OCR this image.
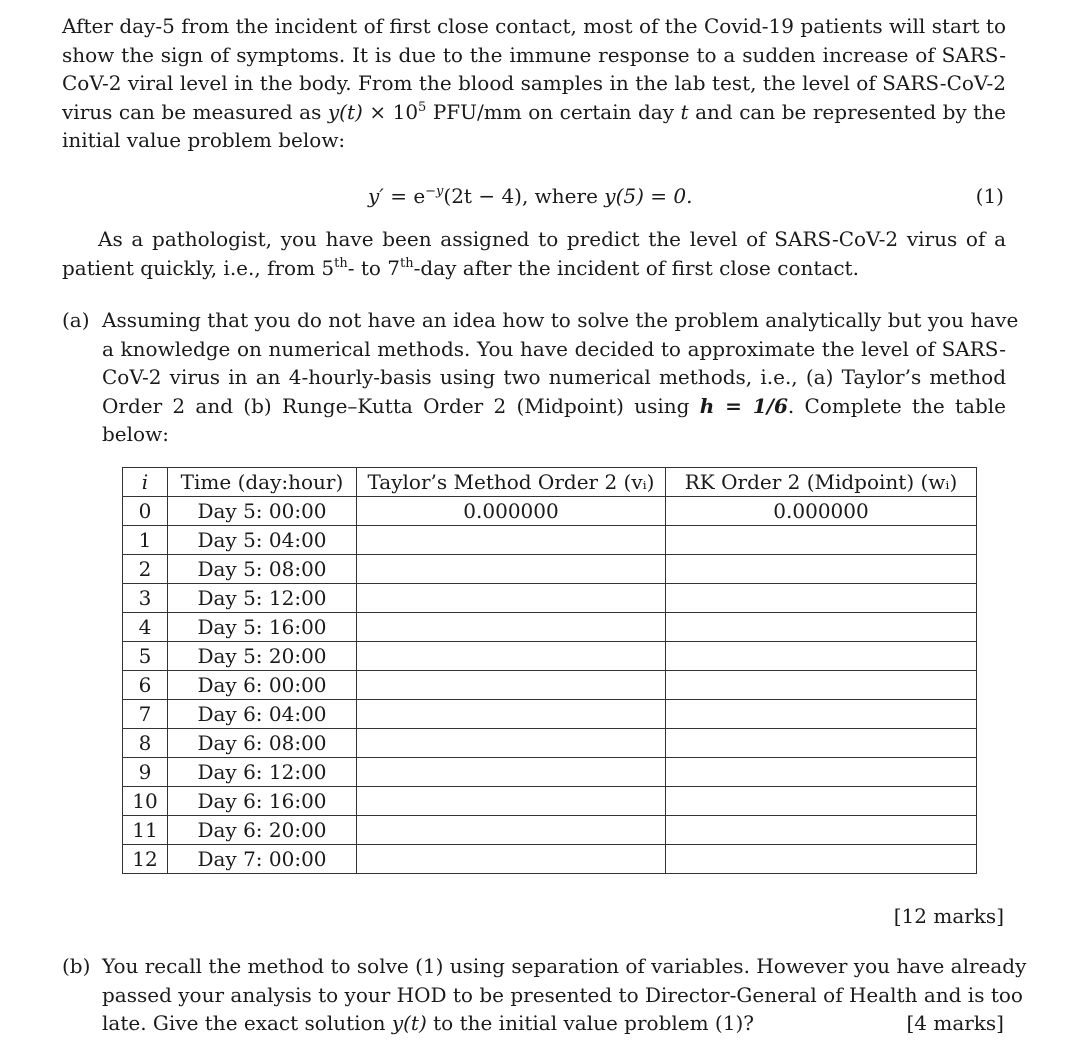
After day-5 from the incident of first close contact, most of the Covid-19 patients will start to
show the sign of symptoms. It is due to the immune response to a sudden increase of SARS-
CoV-2 viral level in the body. From the blood samples in the lab test, the level of SARS-CoV-2
virus can be measured as $y(t) \times 10^5$ PFU/mm on certain day t and can be represented by the
initial value problem below:
$y' = e^{-y}(2t - 4)$, where y(5) = 0.	(1)
As a pathologist, you have been assigned to predict the level of SARS-CoV-2 virus of a
patient quickly, i.e., from 5th- to 7th-day after the incident of first close contact.
(a) Assuming that you do not have an idea how to solve the problem analytically but you have
a knowledge on numerical methods. You have decided to approximate the level of SARS-
CoV-2 virus in an 4-hourly-basis using two numerical methods, i.e., (a) Taylor’s method
Order 2 and (b) Runge–Kutta Order 2 (Midpoint) using h = 1/6. Complete the table
below:
i	Time (day:hour)	Taylor’s Method Order 2 (vᵢ)	RK Order 2 (Midpoint) (wᵢ)
0	Day 5: 00:00	0.000000	0.000000
1	Day 5: 04:00		
2	Day 5: 08:00		
3	Day 5: 12:00		
4	Day 5: 16:00		
5	Day 5: 20:00		
6	Day 6: 00:00		
7	Day 6: 04:00		
8	Day 6: 08:00		
9	Day 6: 12:00		
10	Day 6: 16:00		
11	Day 6: 20:00		
12	Day 7: 00:00		
[12 marks]
(b) You recall the method to solve (1) using separation of variables. However you have already
passed your analysis to your HOD to be presented to Director-General of Health and is too
late. Give the exact solution y(t) to the initial value problem (1)?	[4 marks]
